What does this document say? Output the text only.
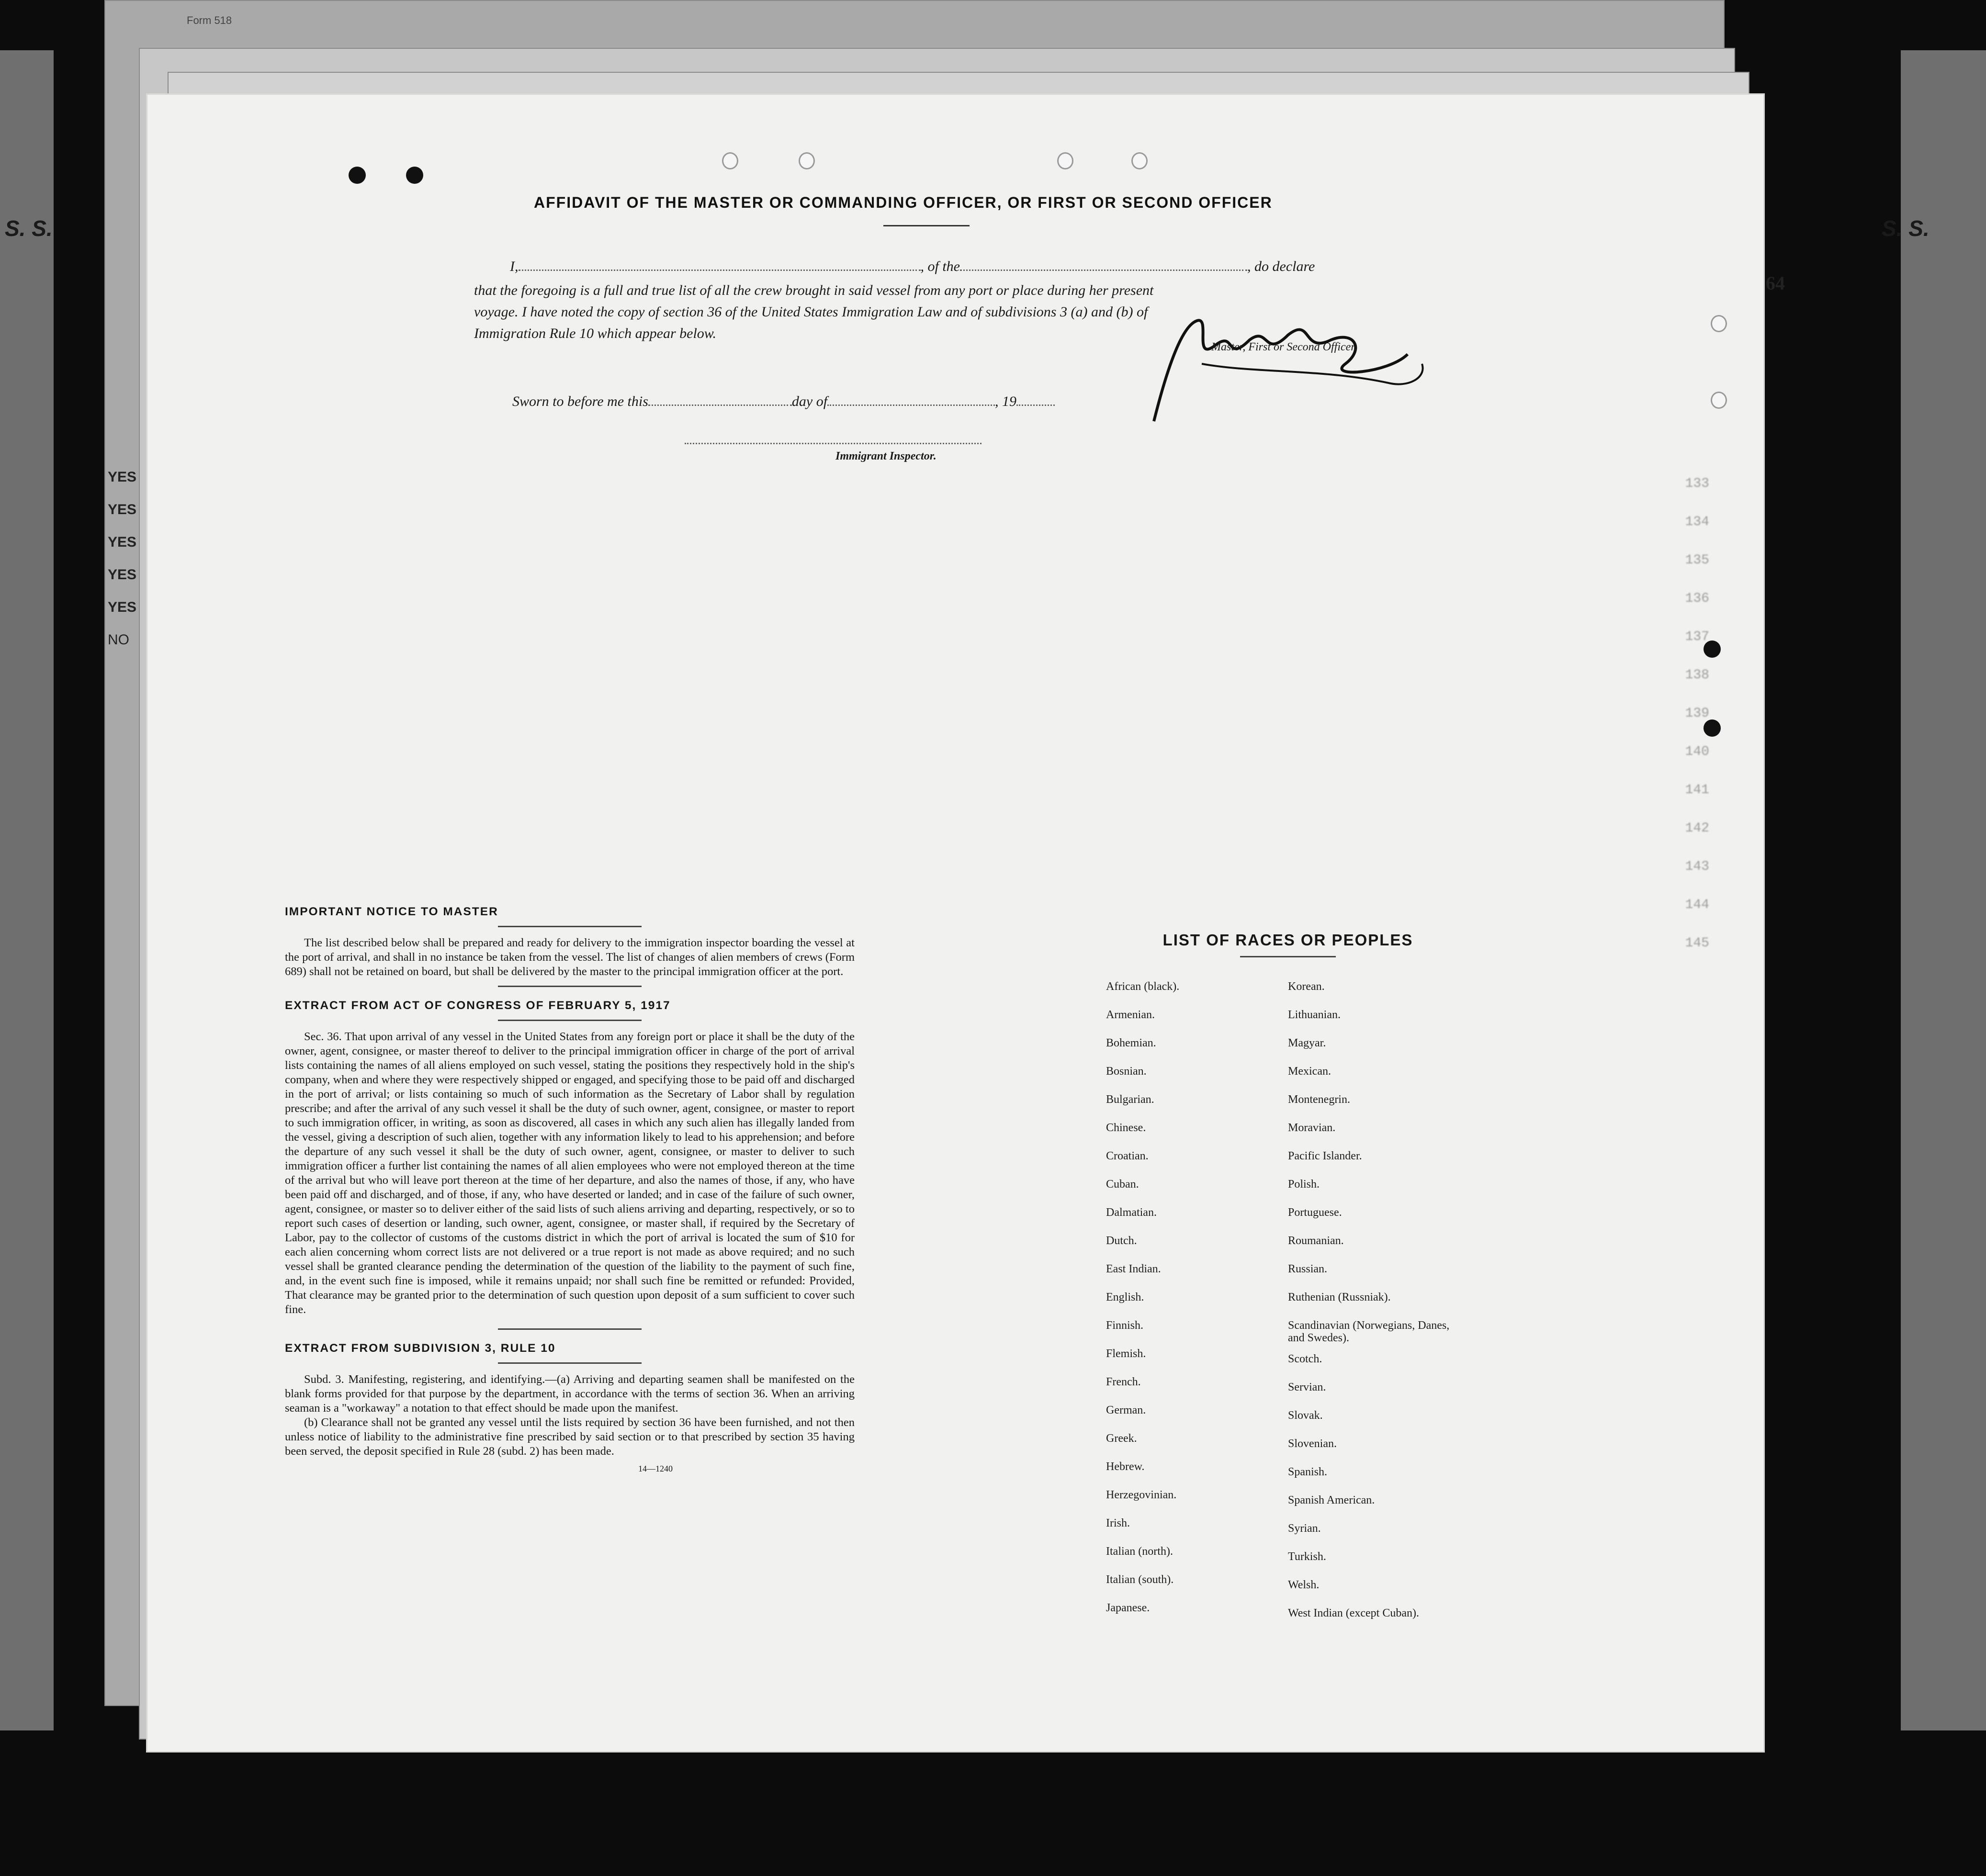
Form 518
S. S.	S. S.
YES
YES
YES
YES
YES
NO
64
AFFIDAVIT OF THE MASTER OR COMMANDING OFFICER, OR FIRST OR SECOND OFFICER
I,	, of the	, do declare
that the foregoing is a full and true list of all the crew brought in said vessel from any port or place during her present
voyage. I have noted the copy of section 36 of the United States Immigration Law and of subdivisions 3 (a) and (b) of
Immigration Rule 10 which appear below.
Master, First or Second Officer.
Sworn to before me this	day of	, 19
Immigrant Inspector.
133
134
135
136
137
138
139
140
141
142
143
144
145

IMPORTANT NOTICE TO MASTER

The list described below shall be prepared and ready for delivery to the immigration inspector boarding the vessel at the port of arrival, and shall in no instance be taken from the vessel. The list of changes of alien members of crews (Form 689) shall not be retained on board, but shall be delivered by the master to the principal immigration officer at the port.

EXTRACT FROM ACT OF CONGRESS OF FEBRUARY 5, 1917

Sec. 36. That upon arrival of any vessel in the United States from any foreign port or place it shall be the duty of the owner, agent, consignee, or master thereof to deliver to the principal immigration officer in charge of the port of arrival lists containing the names of all aliens employed on such vessel, stating the positions they respectively hold in the ship's company, when and where they were respectively shipped or engaged, and specifying those to be paid off and discharged in the port of arrival; or lists containing so much of such information as the Secretary of Labor shall by regulation prescribe; and after the arrival of any such vessel it shall be the duty of such owner, agent, consignee, or master to report to such immigration officer, in writing, as soon as discovered, all cases in which any such alien has illegally landed from the vessel, giving a description of such alien, together with any information likely to lead to his apprehension; and before the departure of any such vessel it shall be the duty of such owner, agent, consignee, or master to deliver to such immigration officer a further list containing the names of all alien employees who were not employed thereon at the time of the arrival but who will leave port thereon at the time of her departure, and also the names of those, if any, who have been paid off and discharged, and of those, if any, who have deserted or landed; and in case of the failure of such owner, agent, consignee, or master so to deliver either of the said lists of such aliens arriving and departing, respectively, or so to report such cases of desertion or landing, such owner, agent, consignee, or master shall, if required by the Secretary of Labor, pay to the collector of customs of the customs district in which the port of arrival is located the sum of $10 for each alien concerning whom correct lists are not delivered or a true report is not made as above required; and no such vessel shall be granted clearance pending the determination of the question of the liability to the payment of such fine, and, in the event such fine is imposed, while it remains unpaid; nor shall such fine be remitted or refunded: Provided, That clearance may be granted prior to the determination of such question upon deposit of a sum sufficient to cover such fine.

EXTRACT FROM SUBDIVISION 3, RULE 10

Subd. 3. Manifesting, registering, and identifying.—(a) Arriving and departing seamen shall be manifested on the blank forms provided for that purpose by the department, in accordance with the terms of section 36. When an arriving seaman is a "workaway" a notation to that effect should be made upon the manifest.

(b) Clearance shall not be granted any vessel until the lists required by section 36 have been furnished, and not then unless notice of liability to the administrative fine prescribed by said section or to that prescribed by section 35 having been served, the deposit specified in Rule 28 (subd. 2) has been made.

14—1240

LIST OF RACES OR PEOPLES
African (black).
Armenian.
Bohemian.
Bosnian.
Bulgarian.
Chinese.
Croatian.
Cuban.
Dalmatian.
Dutch.
East Indian.
English.
Finnish.
Flemish.
French.
German.
Greek.
Hebrew.
Herzegovinian.
Irish.
Italian (north).
Italian (south).
Japanese.
Korean.
Lithuanian.
Magyar.
Mexican.
Montenegrin.
Moravian.
Pacific Islander.
Polish.
Portuguese.
Roumanian.
Russian.
Ruthenian (Russniak).
Scandinavian (Norwegians, Danes, and Swedes).
Scotch.
Servian.
Slovak.
Slovenian.
Spanish.
Spanish American.
Syrian.
Turkish.
Welsh.
West Indian (except Cuban).
